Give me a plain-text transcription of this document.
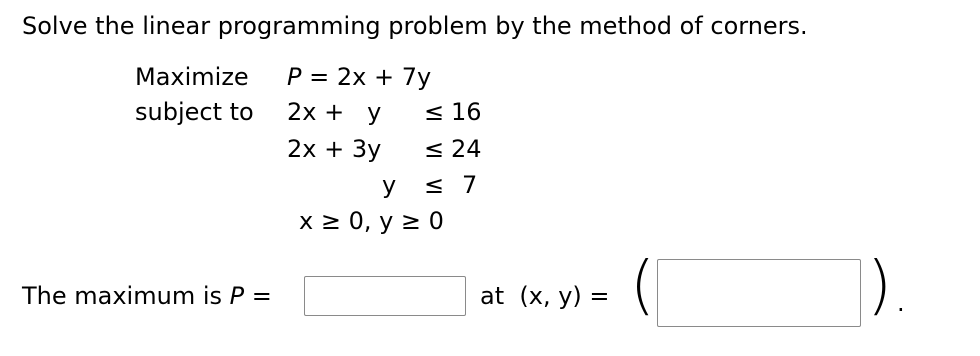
Solve the linear programming problem by the method of corners.
Maximize P = 2x + 7y
subject to 2x +   y ≤ 16
2x + 3y ≤ 24
y ≤ 7
x ≥ 0, y ≥ 0
The maximum is P =	at  (x, y) = (	) .
